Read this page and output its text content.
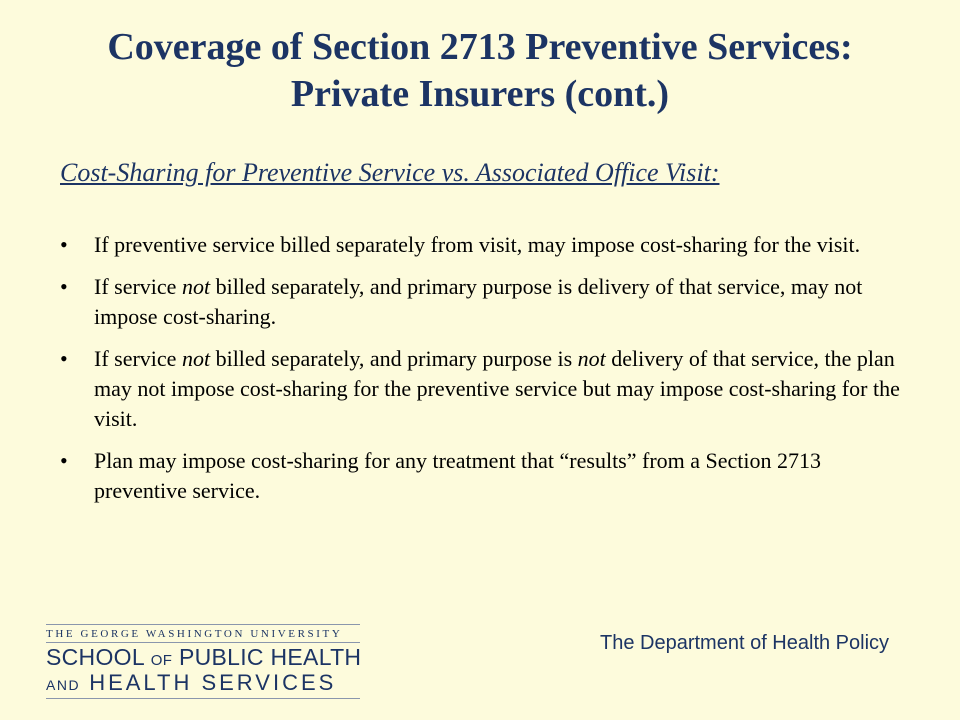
Coverage of Section 2713 Preventive Services:
Private Insurers (cont.)
Cost-Sharing for Preventive Service vs. Associated Office Visit:
• If preventive service billed separately from visit, may impose cost-sharing for the visit.
• If service not billed separately, and primary purpose is delivery of that service, may not impose cost-sharing.
• If service not billed separately, and primary purpose is not delivery of that service, the plan may not impose cost-sharing for the preventive service but may impose cost-sharing for the visit.
• Plan may impose cost-sharing for any treatment that “results” from a Section 2713 preventive service.
THE GEORGE WASHINGTON UNIVERSITY
SCHOOL OF PUBLIC HEALTH
AND HEALTH SERVICES
The Department of Health Policy
